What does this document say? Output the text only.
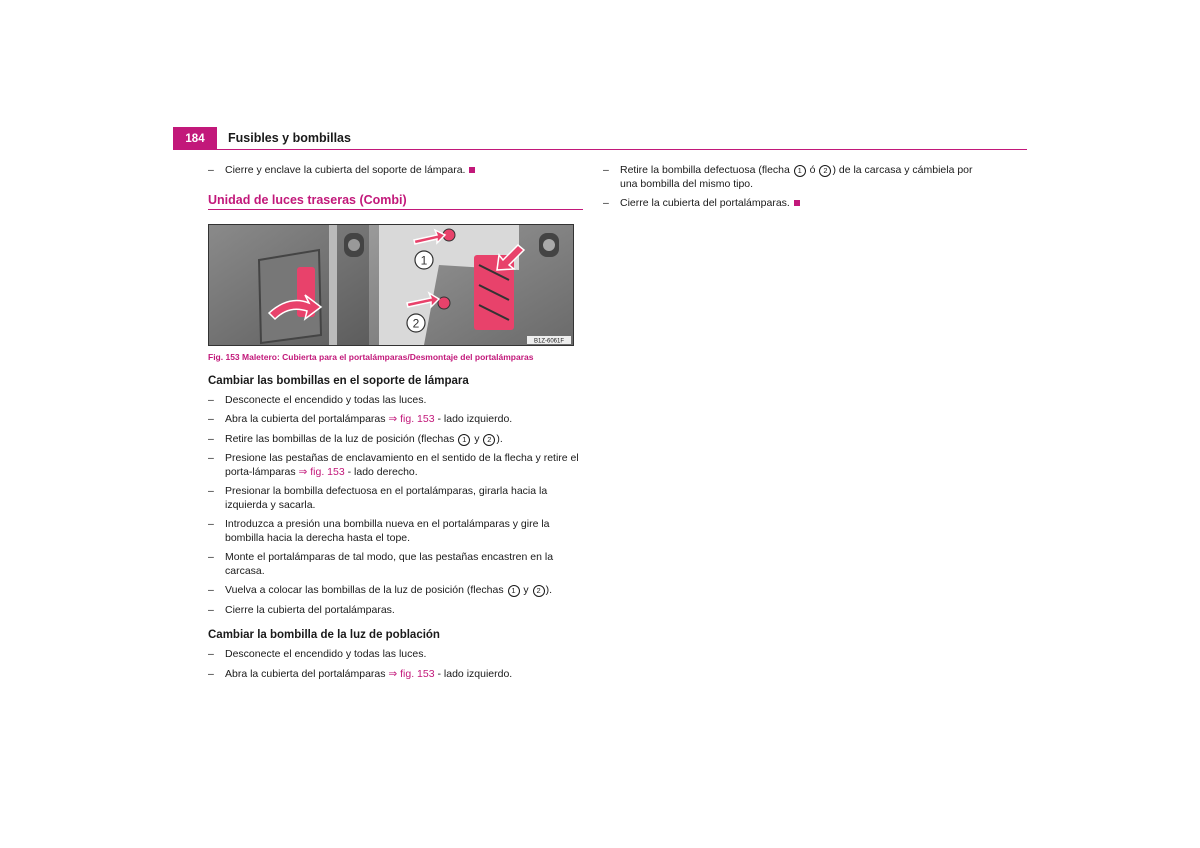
184	Fusibles y bombillas
– Cierre y enclave la cubierta del soporte de lámpara.
Unidad de luces traseras (Combi)
1
2
B1Z-6061F
Fig. 153 Maletero: Cubierta para el portalámparas/Desmontaje del portalámparas
Cambiar las bombillas en el soporte de lámpara
– Desconecte el encendido y todas las luces.
– Abra la cubierta del portalámparas ⇒ fig. 153 - lado izquierdo.
– Retire las bombillas de la luz de posición (flechas 1 y 2 ).
– Presione las pestañas de enclavamiento en el sentido de la flecha y retire el porta-lámparas ⇒ fig. 153 - lado derecho.
– Presionar la bombilla defectuosa en el portalámparas, girarla hacia la izquierda y sacarla.
– Introduzca a presión una bombilla nueva en el portalámparas y gire la bombilla hacia la derecha hasta el tope.
– Monte el portalámparas de tal modo, que las pestañas encastren en la carcasa.
– Vuelva a colocar las bombillas de la luz de posición (flechas 1 y 2 ).
– Cierre la cubierta del portalámparas.
Cambiar la bombilla de la luz de población
– Desconecte el encendido y todas las luces.
– Abra la cubierta del portalámparas ⇒ fig. 153 - lado izquierdo.
– Retire la bombilla defectuosa (flecha 1 ó 2 ) de la carcasa y cámbiela por una bombilla del mismo tipo.
– Cierre la cubierta del portalámparas.
